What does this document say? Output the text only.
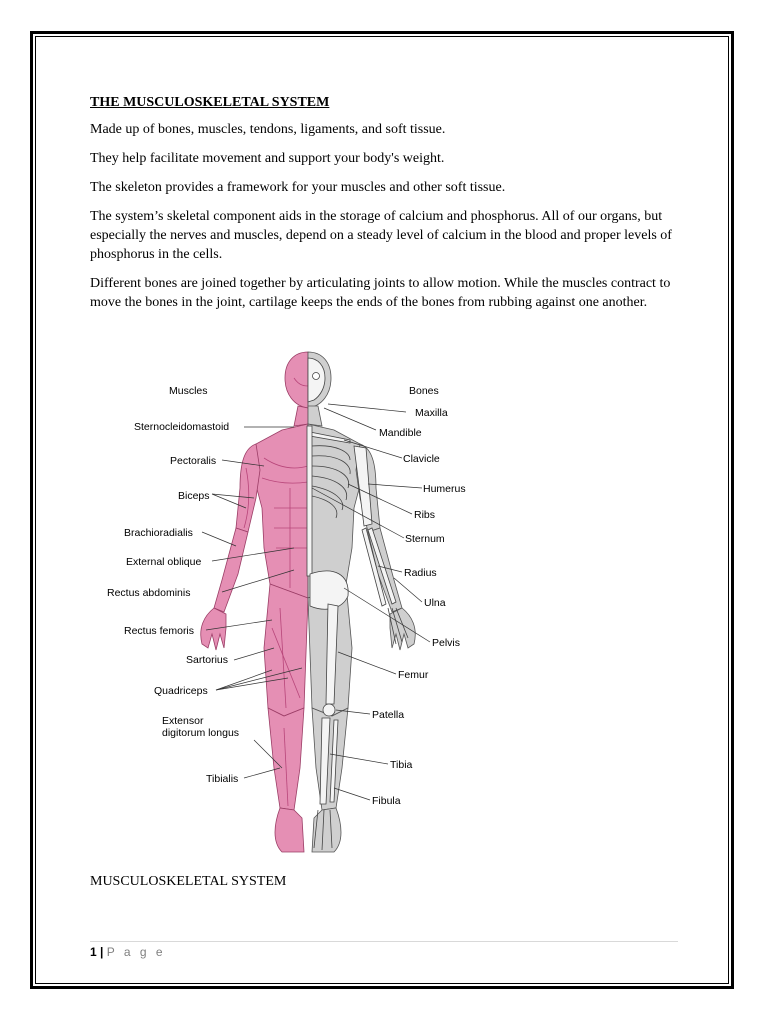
THE MUSCULOSKELETAL SYSTEM

Made up of bones, muscles, tendons, ligaments, and soft tissue.

They help facilitate movement and support your body's weight.

The skeleton provides a framework for your muscles and other soft tissue.

The system’s skeletal component aids in the storage of calcium and phosphorus. All of our organs, but especially the nerves and muscles, depend on a steady level of calcium in the blood and proper levels of phosphorus in the cells.

Different bones are joined together by articulating joints to allow motion. While the muscles contract to move the bones in the joint, cartilage keeps the ends of the bones from rubbing against one another.

Muscles	Bones
Sternocleidomastoid
Pectoralis
Biceps
Brachioradialis
External oblique
Rectus abdominis
Rectus femoris
Sartorius
Quadriceps
Extensor
digitorum longus
Tibialis
Maxilla
Mandible
Clavicle
Humerus
Ribs
Sternum
Radius
Ulna
Pelvis
Femur
Patella
Tibia
Fibula
MUSCULOSKELETAL SYSTEM
1 | P a g e
